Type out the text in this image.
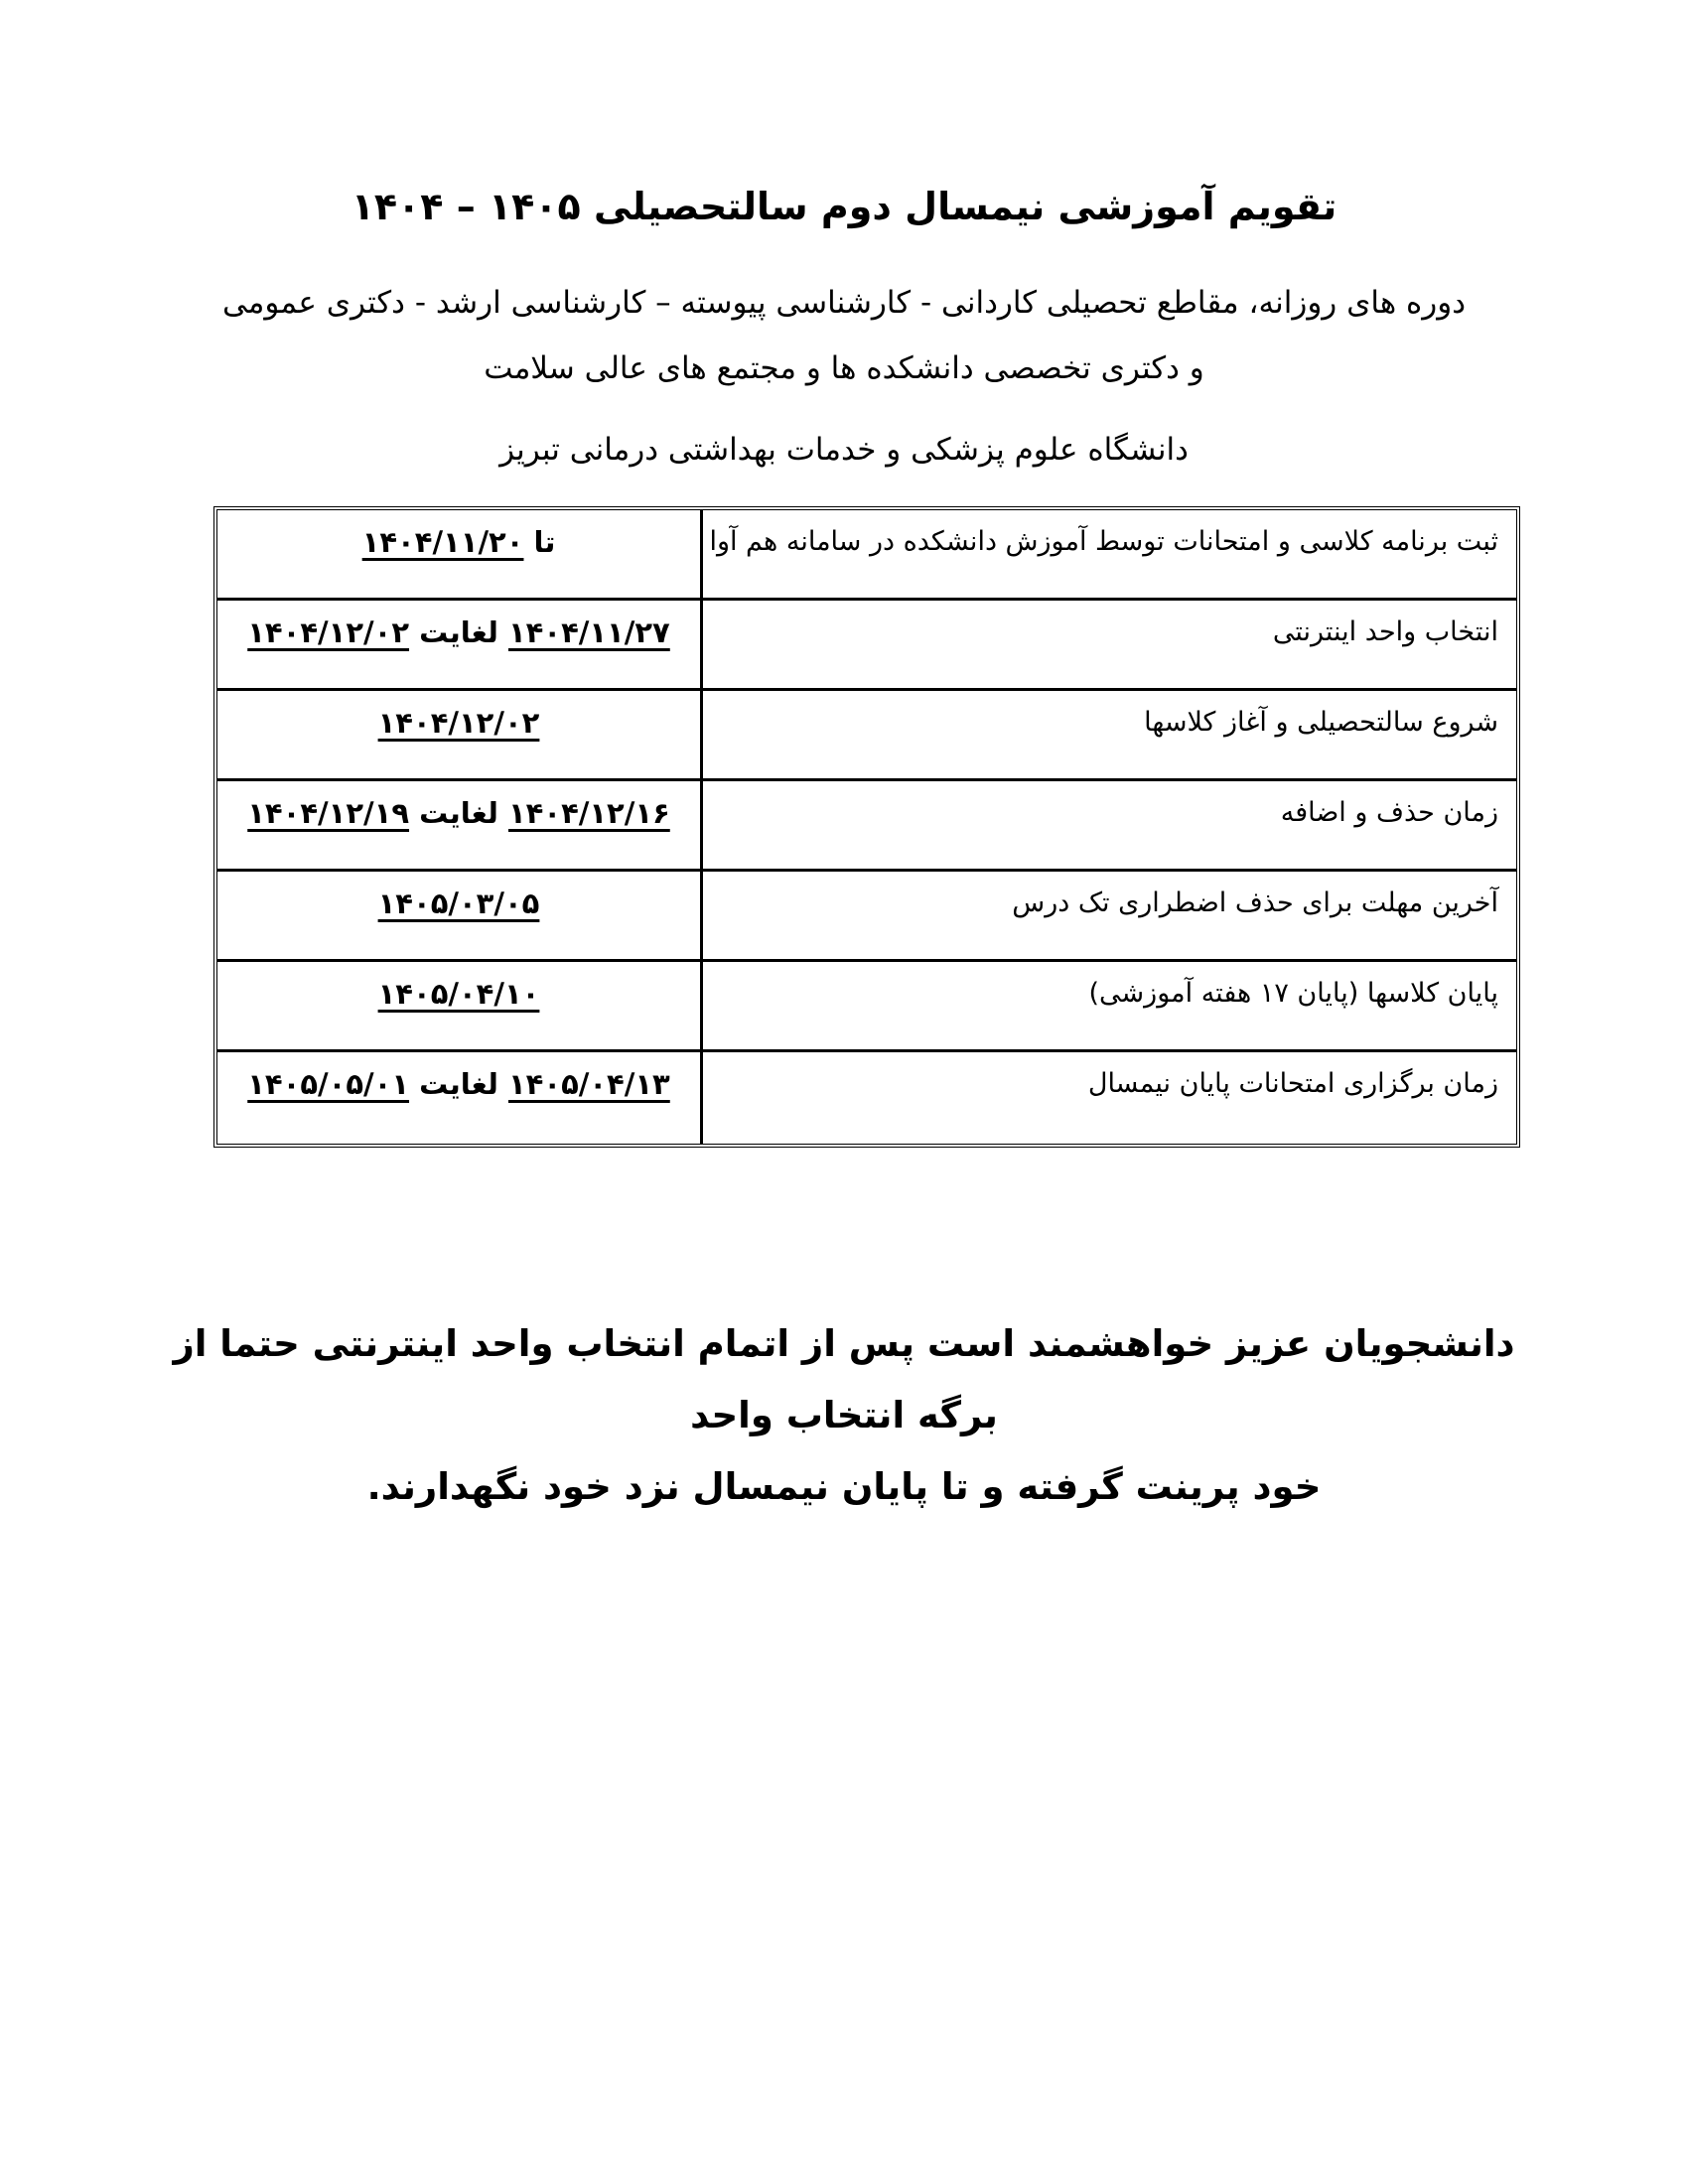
تقویم آموزشی نیمسال دوم سالتحصیلی ۱۴۰۵ – ۱۴۰۴
دوره های روزانه، مقاطع تحصیلی کاردانی - کارشناسی پیوسته – کارشناسی ارشد - دکتری عمومی
و دکتری تخصصی دانشکده ها و مجتمع های عالی سلامت
دانشگاه علوم پزشکی و خدمات بهداشتی درمانی تبریز
ثبت برنامه کلاسی و امتحانات توسط آموزش دانشکده در سامانه هم آوا
تا ۱۴۰۴/۱۱/۲۰
انتخاب واحد اینترنتی
۱۴۰۴/۱۱/۲۷ لغایت ۱۴۰۴/۱۲/۰۲
شروع سالتحصیلی و آغاز کلاسها
۱۴۰۴/۱۲/۰۲
زمان حذف و اضافه
۱۴۰۴/۱۲/۱۶ لغایت ۱۴۰۴/۱۲/۱۹
آخرین مهلت برای حذف اضطراری تک درس
۱۴۰۵/۰۳/۰۵
پایان کلاسها (پایان ۱۷ هفته آموزشی)
۱۴۰۵/۰۴/۱۰
زمان برگزاری امتحانات پایان نیمسال
۱۴۰۵/۰۴/۱۳ لغایت ۱۴۰۵/۰۵/۰۱
دانشجویان عزیز خواهشمند است پس از اتمام انتخاب واحد اینترنتی حتما از برگه انتخاب واحد
خود پرینت گرفته و تا پایان نیمسال نزد خود نگهدارند.
